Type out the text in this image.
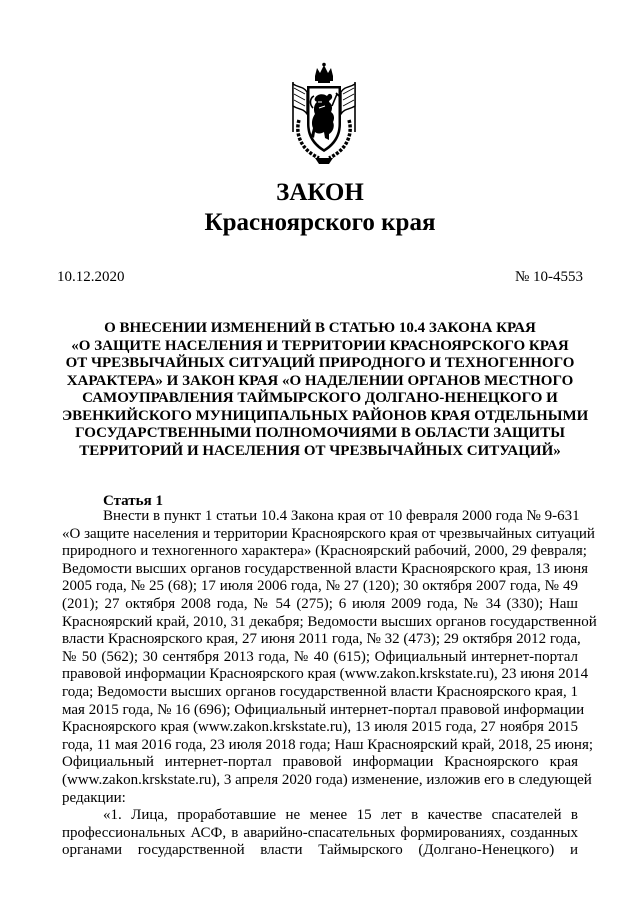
ЗАКОН
Красноярского края
10.12.2020	№ 10-4553
О ВНЕСЕНИИ ИЗМЕНЕНИЙ В СТАТЬЮ 10.4 ЗАКОНА КРАЯ
«О ЗАЩИТЕ НАСЕЛЕНИЯ И ТЕРРИТОРИИ КРАСНОЯРСКОГО КРАЯ
ОТ ЧРЕЗВЫЧАЙНЫХ СИТУАЦИЙ ПРИРОДНОГО И ТЕХНОГЕННОГО
ХАРАКТЕРА» И ЗАКОН КРАЯ «О НАДЕЛЕНИИ ОРГАНОВ МЕСТНОГО
САМОУПРАВЛЕНИЯ ТАЙМЫРСКОГО ДОЛГАНО-НЕНЕЦКОГО И
ЭВЕНКИЙСКОГО МУНИЦИПАЛЬНЫХ РАЙОНОВ КРАЯ ОТДЕЛЬНЫМИ
ГОСУДАРСТВЕННЫМИ ПОЛНОМОЧИЯМИ В ОБЛАСТИ ЗАЩИТЫ
ТЕРРИТОРИЙ И НАСЕЛЕНИЯ ОТ ЧРЕЗВЫЧАЙНЫХ СИТУАЦИЙ»
Статья 1
Внести в пункт 1 статьи 10.4 Закона края от 10 февраля 2000 года № 9-631
«О защите населения и территории Красноярского края от чрезвычайных ситуаций
природного и техногенного характера» (Красноярский рабочий, 2000, 29 февраля;
Ведомости высших органов государственной власти Красноярского края, 13 июня
2005 года, № 25 (68); 17 июля 2006 года, № 27 (120); 30 октября 2007 года, № 49
(201); 27 октября 2008 года, № 54 (275); 6 июля 2009 года, № 34 (330); Наш
Красноярский край, 2010, 31 декабря; Ведомости высших органов государственной
власти Красноярского края, 27 июня 2011 года, № 32 (473); 29 октября 2012 года,
№ 50 (562); 30 сентября 2013 года, № 40 (615); Официальный интернет-портал
правовой информации Красноярского края (www.zakon.krskstate.ru), 23 июня 2014
года; Ведомости высших органов государственной власти Красноярского края, 1
мая 2015 года, № 16 (696); Официальный интернет-портал правовой информации
Красноярского края (www.zakon.krskstate.ru), 13 июля 2015 года, 27 ноября 2015
года, 11 мая 2016 года, 23 июля 2018 года; Наш Красноярский край, 2018, 25 июня;
Официальный интернет-портал правовой информации Красноярского края
(www.zakon.krskstate.ru), 3 апреля 2020 года) изменение, изложив его в следующей
редакции:
«1. Лица, проработавшие не менее 15 лет в качестве спасателей в
профессиональных АСФ, в аварийно-спасательных формированиях, созданных
органами государственной власти Таймырского (Долгано-Ненецкого) и
